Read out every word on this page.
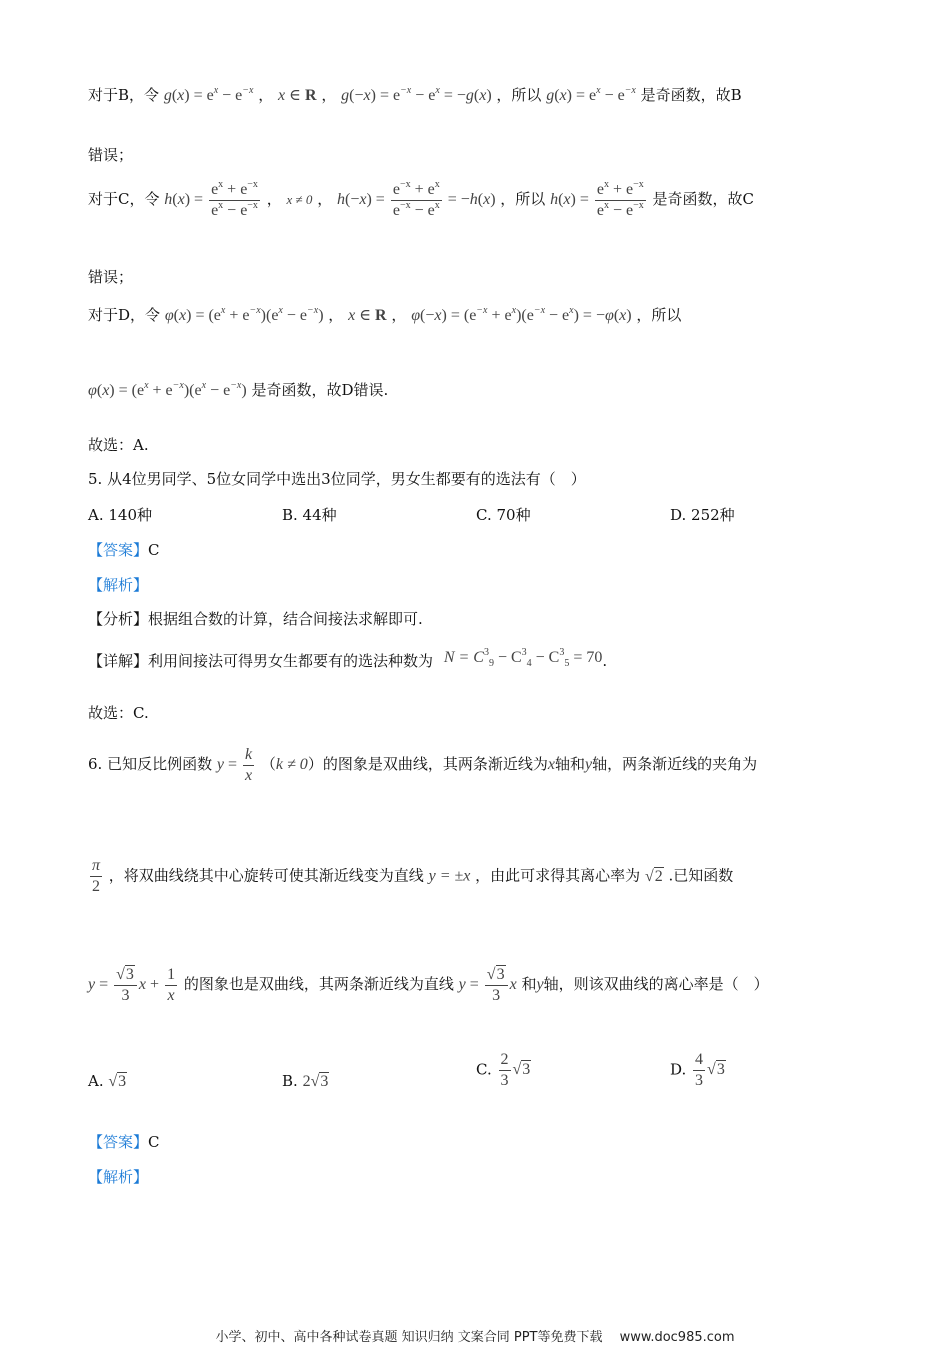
对于B，令 $g(x) = e^x - e^{-x}$ ， x ∈ R ， $g(-x) = e^{-x} - e^x = -g(x)$ ，所以 $g(x) = e^x - e^{-x}$ 是奇函数，故B
错误；
对于C，令 $h(x) = \frac{e^x + e^{-x}}{e^x - e^{-x}}$ ， x ≠ 0 ， $h(-x) = \frac{e^{-x} + e^x}{e^{-x} - e^x} = -h(x)$ ，所以 $h(x) = \frac{e^x + e^{-x}}{e^x - e^{-x}}$ 是奇函数，故C
错误；
对于D，令 $\varphi(x) = (e^x + e^{-x})(e^x - e^{-x})$ ， x ∈ R ， $\varphi(-x) = (e^{-x} + e^x)(e^{-x} - e^x) = -\varphi(x)$ ，所以
$\varphi(x) = (e^x + e^{-x})(e^x - e^{-x})$ 是奇函数，故D错误.
故选：A.
5. 从4位男同学、5位女同学中选出3位同学，男女生都要有的选法有（　）
A. 140种	B. 44种	C. 70种	D. 252种
【答案】C
【解析】
【分析】根据组合数的计算，结合间接法求解即可.
【详解】利用间接法可得男女生都要有的选法种数为 $N = C^3_9 - C^3_4 - C^3_5 = 70$.
故选：C.
6. 已知反比例函数 $y = \frac{k}{x} (k \ne 0)$的图象是双曲线，其两条渐近线为x轴和y轴，两条渐近线的夹角为
$\frac{\pi}{2}$ ，将双曲线绕其中心旋转可使其渐近线变为直线 y = ±x ，由此可求得其离心率为 √2 .已知函数
$y = \frac{√3}{3}$ $x + \frac{1}{x}$ 的图象也是双曲线，其两条渐近线为直线 $y = \frac{√3}{3}$ x 和y轴，则该双曲线的离心率是（　）
A. √3	B. 2√3
C. $\frac{2}{3} √3$	D. $\frac{4}{3} √3$
【答案】C
【解析】
小学、初中、高中各种试卷真题 知识归纳 文案合同 PPT等免费下载　 www.doc985.com
